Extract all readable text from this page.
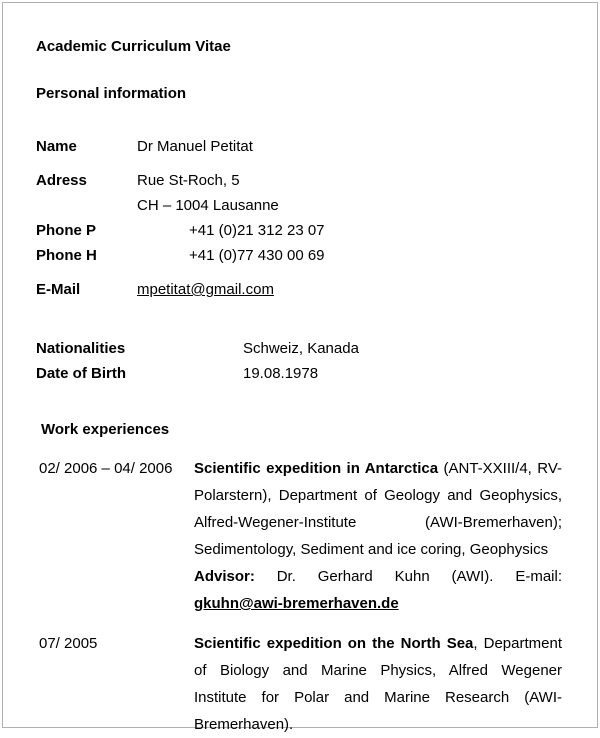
Academic Curriculum Vitae
Personal information
Name	Dr Manuel Petitat
Adress	Rue St-Roch, 5
CH – 1004 Lausanne
Phone P	+41 (0)21 312 23 07
Phone H	+41 (0)77 430 00 69
E-Mail	mpetitat@gmail.com
Nationalities	Schweiz, Kanada
Date of Birth	19.08.1978
Work experiences
02/ 2006 – 04/ 2006	Scientific expedition in Antarctica (ANT-XXIII/4, RV-Polarstern), Department of Geology and Geophysics, Alfred-Wegener-Institute (AWI-Bremerhaven); Sedimentology, Sediment and ice coring, Geophysics

Advisor: Dr. Gerhard Kuhn (AWI). E-mail: gkuhn@awi-bremerhaven.de

07/ 2005	Scientific expedition on the North Sea, Department of Biology and Marine Physics, Alfred Wegener Institute for Polar and Marine Research (AWI-Bremerhaven).
